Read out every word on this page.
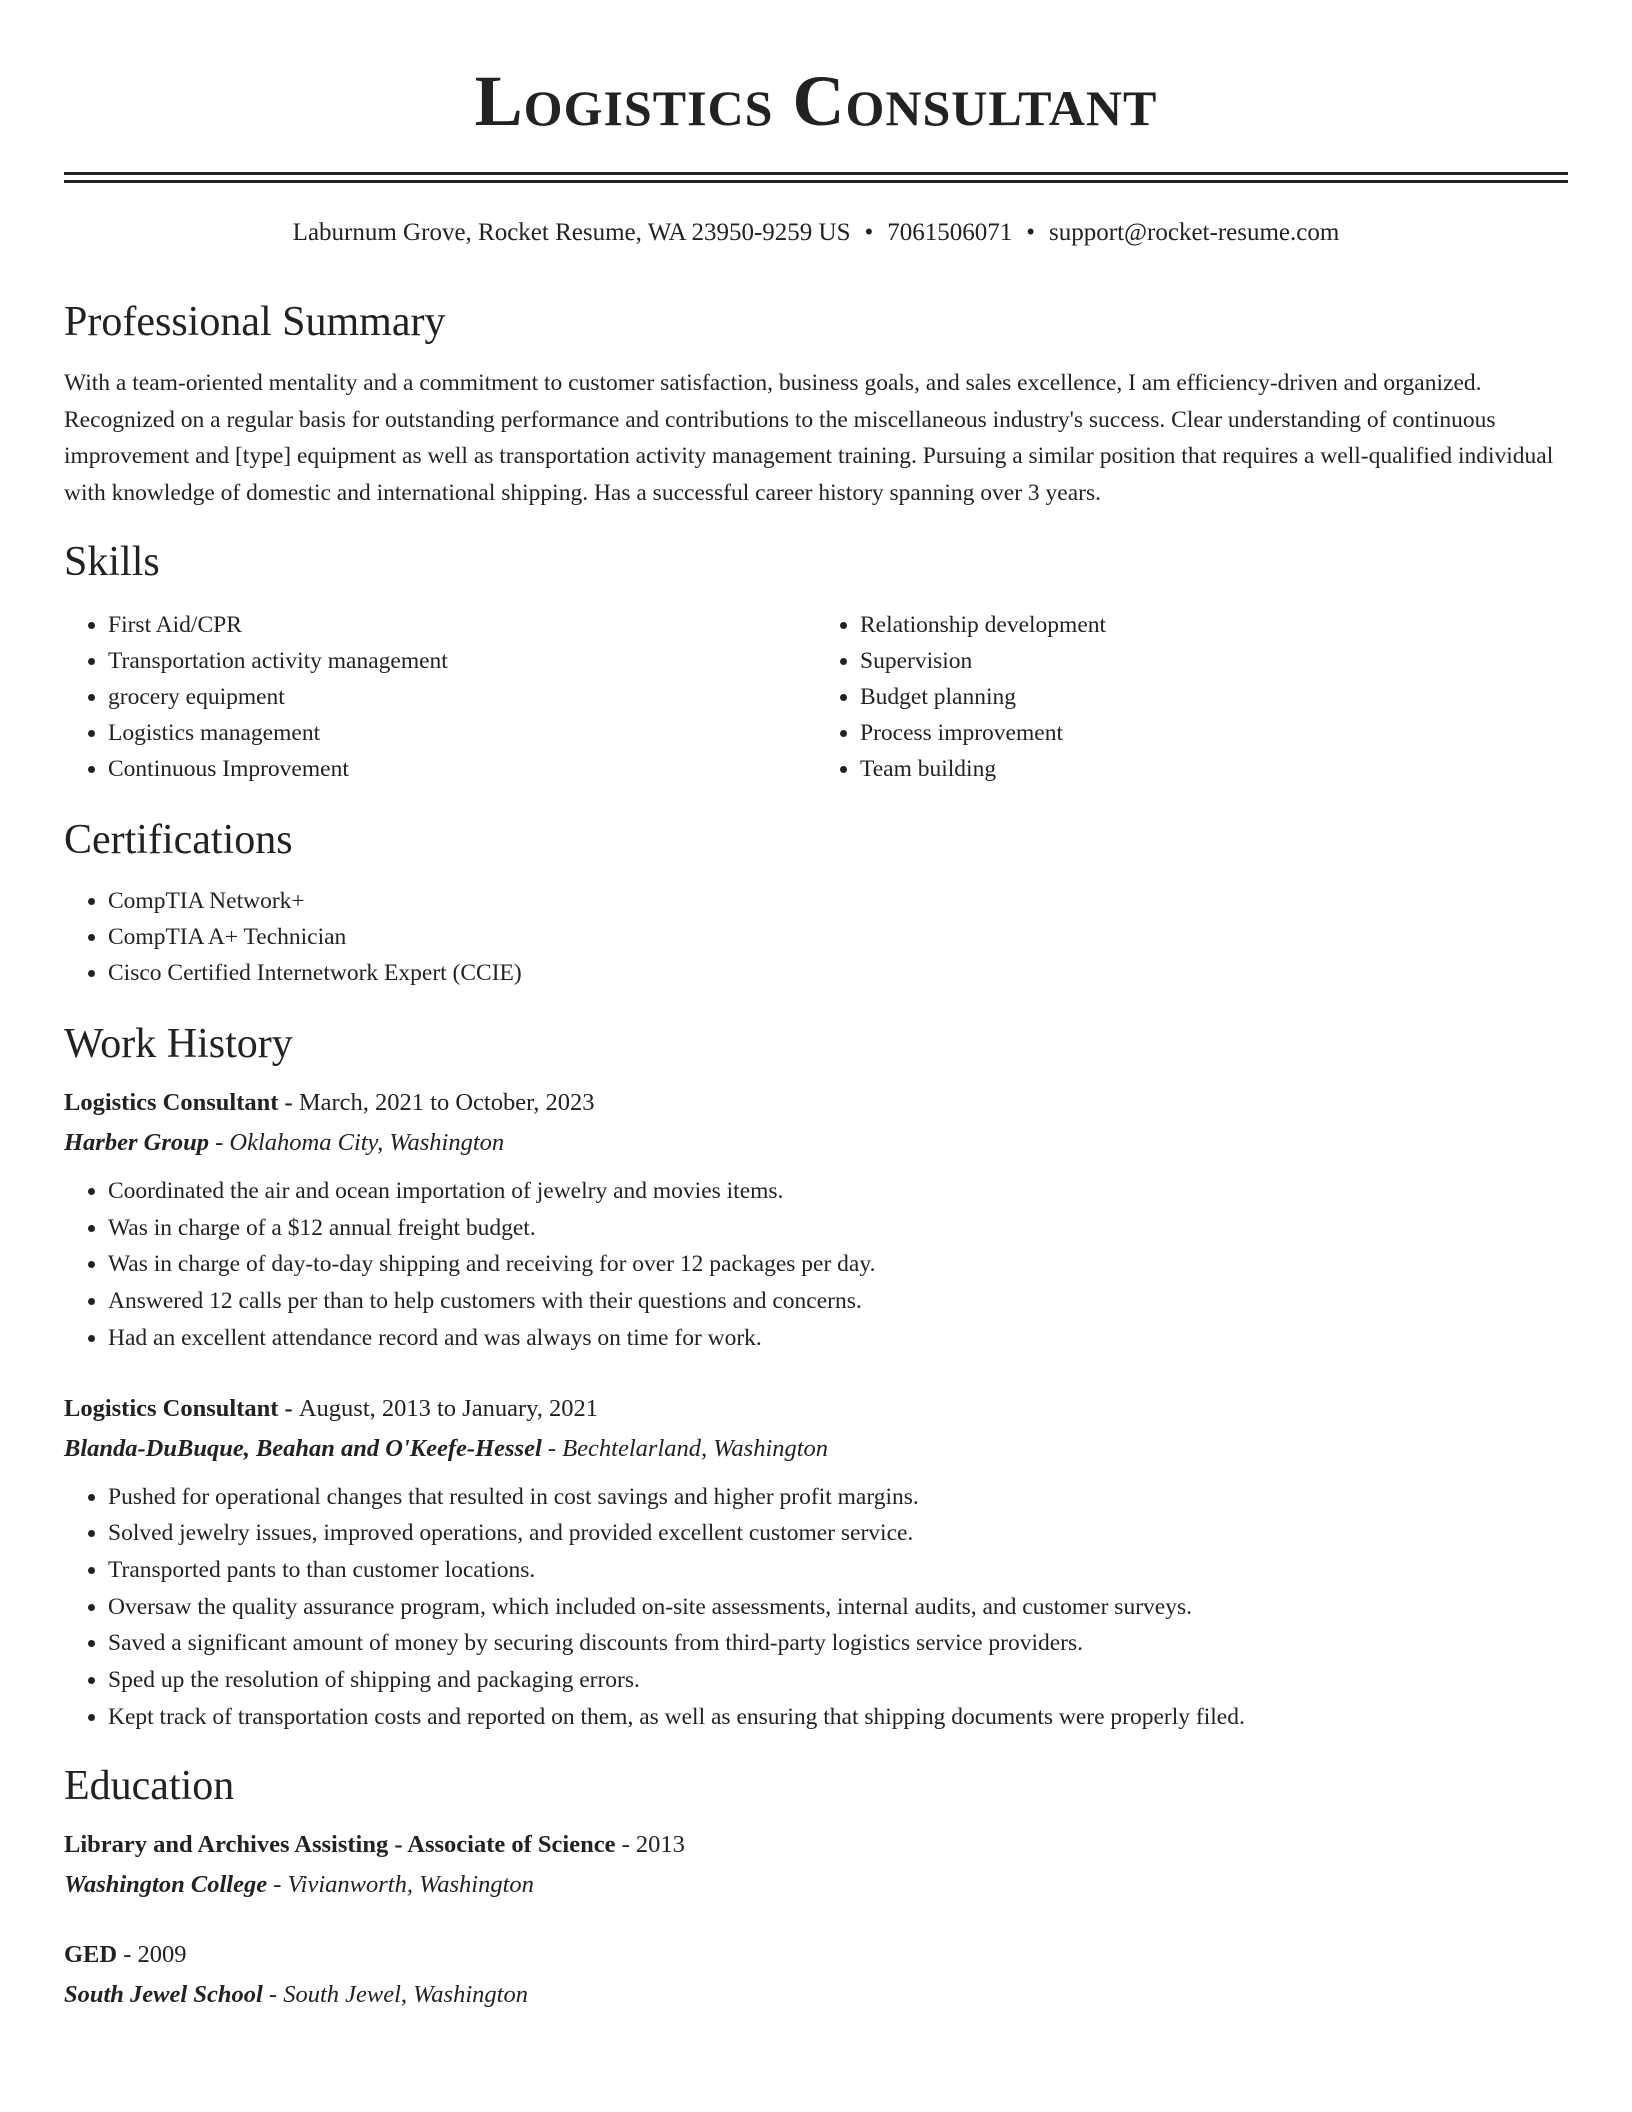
Logistics Consultant
Laburnum Grove, Rocket Resume, WA 23950-9259 US • 7061506071 • support@rocket-resume.com
Professional Summary
With a team-oriented mentality and a commitment to customer satisfaction, business goals, and sales excellence, I am efficiency-driven and organized. Recognized on a regular basis for outstanding performance and contributions to the miscellaneous industry's success. Clear understanding of continuous improvement and [type] equipment as well as transportation activity management training. Pursuing a similar position that requires a well-qualified individual with knowledge of domestic and international shipping. Has a successful career history spanning over 3 years.
Skills
• First Aid/CPR
• Transportation activity management
• grocery equipment
• Logistics management
• Continuous Improvement
• Relationship development
• Supervision
• Budget planning
• Process improvement
• Team building
Certifications
• CompTIA Network+
• CompTIA A+ Technician
• Cisco Certified Internetwork Expert (CCIE)
Work History
Logistics Consultant - March, 2021 to October, 2023
Harber Group - Oklahoma City, Washington
• Coordinated the air and ocean importation of jewelry and movies items.
• Was in charge of a $12 annual freight budget.
• Was in charge of day-to-day shipping and receiving for over 12 packages per day.
• Answered 12 calls per than to help customers with their questions and concerns.
• Had an excellent attendance record and was always on time for work.
Logistics Consultant - August, 2013 to January, 2021
Blanda-DuBuque, Beahan and O'Keefe-Hessel - Bechtelarland, Washington
• Pushed for operational changes that resulted in cost savings and higher profit margins.
• Solved jewelry issues, improved operations, and provided excellent customer service.
• Transported pants to than customer locations.
• Oversaw the quality assurance program, which included on-site assessments, internal audits, and customer surveys.
• Saved a significant amount of money by securing discounts from third-party logistics service providers.
• Sped up the resolution of shipping and packaging errors.
• Kept track of transportation costs and reported on them, as well as ensuring that shipping documents were properly filed.
Education
Library and Archives Assisting - Associate of Science - 2013
Washington College - Vivianworth, Washington
GED - 2009
South Jewel School - South Jewel, Washington
